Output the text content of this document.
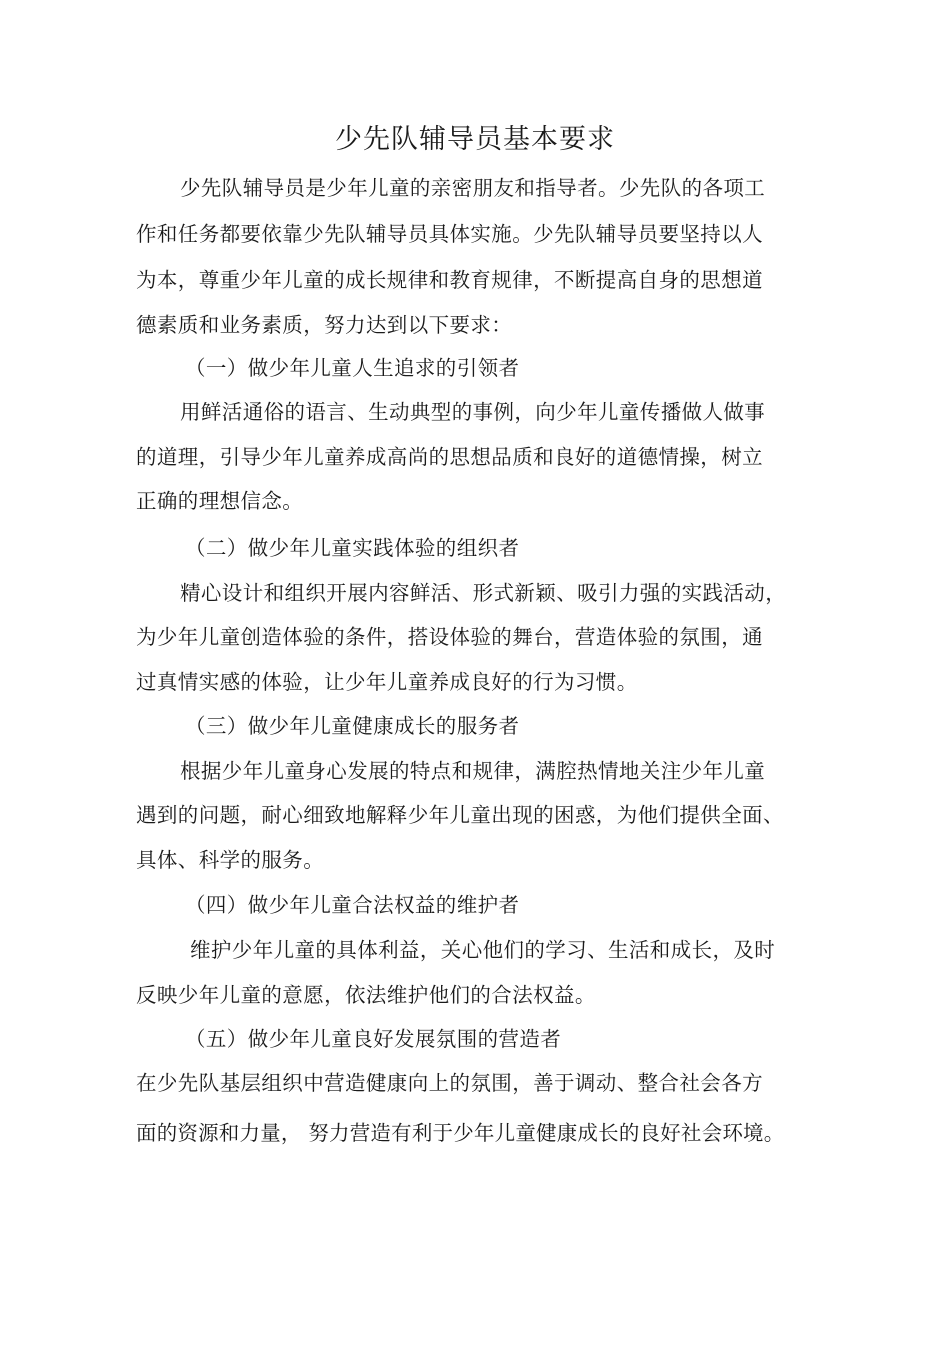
少先队辅导员基本要求
少先队辅导员是少年儿童的亲密朋友和指导者。少先队的各项工
作和任务都要依靠少先队辅导员具体实施。少先队辅导员要坚持以人
为本，尊重少年儿童的成长规律和教育规律，不断提高自身的思想道
德素质和业务素质，努力达到以下要求：
（一）做少年儿童人生追求的引领者
用鲜活通俗的语言、生动典型的事例，向少年儿童传播做人做事
的道理，引导少年儿童养成高尚的思想品质和良好的道德情操，树立
正确的理想信念。
（二）做少年儿童实践体验的组织者
精心设计和组织开展内容鲜活、形式新颖、吸引力强的实践活动，
为少年儿童创造体验的条件，搭设体验的舞台，营造体验的氛围，通
过真情实感的体验，让少年儿童养成良好的行为习惯。
（三）做少年儿童健康成长的服务者
根据少年儿童身心发展的特点和规律，满腔热情地关注少年儿童
遇到的问题，耐心细致地解释少年儿童出现的困惑，为他们提供全面、
具体、科学的服务。
（四）做少年儿童合法权益的维护者
维护少年儿童的具体利益，关心他们的学习、生活和成长，及时
反映少年儿童的意愿，依法维护他们的合法权益。
（五）做少年儿童良好发展氛围的营造者
在少先队基层组织中营造健康向上的氛围，善于调动、整合社会各方
面的资源和力量， 努力营造有利于少年儿童健康成长的良好社会环境。
